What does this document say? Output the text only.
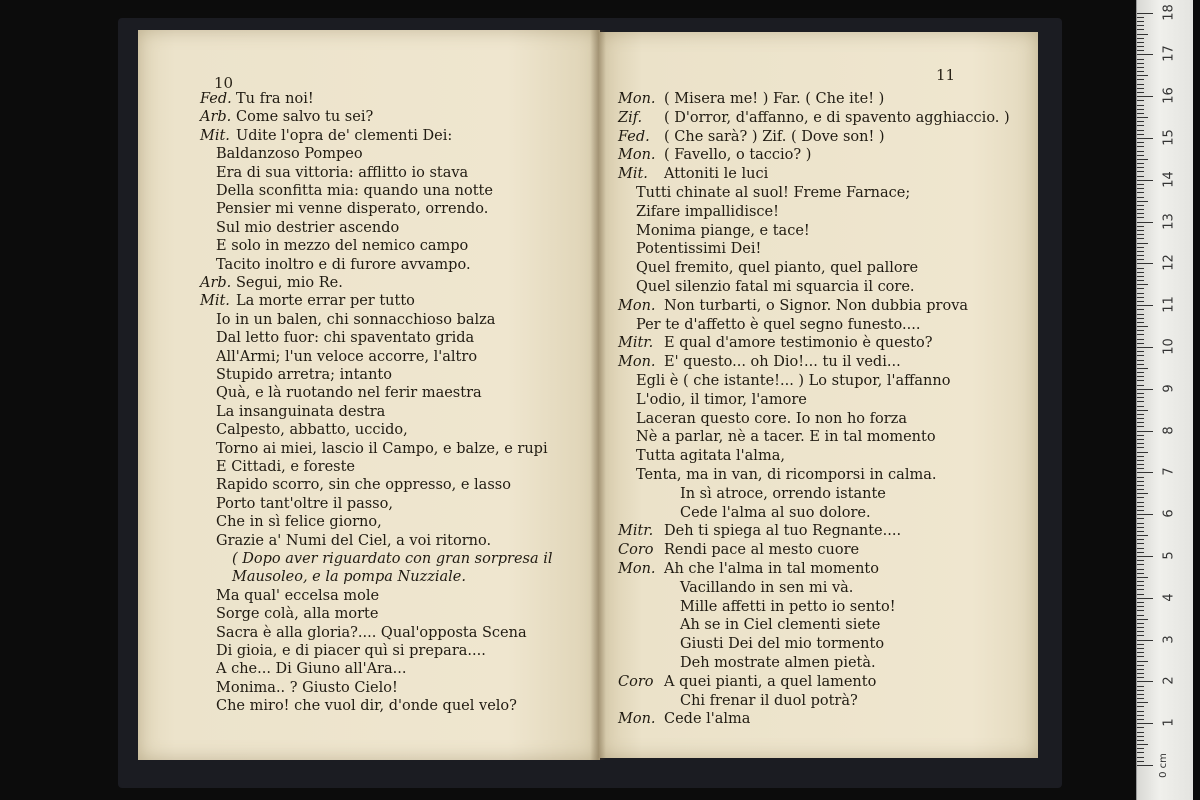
10
Fed. Tu fra noi!
Arb. Come salvo tu sei?
Mit. Udite l'opra de' clementi Dei:
Baldanzoso Pompeo
Era di sua vittoria: afflitto io stava
Della sconfitta mia: quando una notte
Pensier mi venne disperato, orrendo.
Sul mio destrier ascendo
E solo in mezzo del nemico campo
Tacito inoltro e di furore avvampo.
Arb. Segui, mio Re.
Mit. La morte errar per tutto
Io in un balen, chi sonnacchioso balza
Dal letto fuor: chi spaventato grida
All'Armi; l'un veloce accorre, l'altro
Stupido arretra; intanto
Quà, e là ruotando nel ferir maestra
La insanguinata destra
Calpesto, abbatto, uccido,
Torno ai miei, lascio il Campo, e balze, e rupi
E Cittadi, e foreste
Rapido scorro, sin che oppresso, e lasso
Porto tant'oltre il passo,
Che in sì felice giorno,
Grazie a' Numi del Ciel, a voi ritorno.
( Dopo aver riguardato con gran sorpresa il
Mausoleo, e la pompa Nuzziale.
Ma qual' eccelsa mole
Sorge colà, alla morte
Sacra è alla gloria?.... Qual'opposta Scena
Di gioia, e di piacer quì si prepara....
A che... Di Giuno all'Ara...
Monima.. ? Giusto Cielo!
Che miro! che vuol dir, d'onde quel velo?
11
Mon. ( Misera me! ) Far. ( Che ite! )
Zif. ( D'orror, d'affanno, e di spavento agghiaccio. )
Fed. ( Che sarà? ) Zif. ( Dove son! )
Mon. ( Favello, o taccio? )
Mit. Attoniti le luci
Tutti chinate al suol! Freme Farnace;
Zifare impallidisce!
Monima piange, e tace!
Potentissimi Dei!
Quel fremito, quel pianto, quel pallore
Quel silenzio fatal mi squarcia il core.
Mon. Non turbarti, o Signor. Non dubbia prova
Per te d'affetto è quel segno funesto....
Mitr. E qual d'amore testimonio è questo?
Mon. E' questo... oh Dio!... tu il vedi...
Egli è ( che istante!... ) Lo stupor, l'affanno
L'odio, il timor, l'amore
Laceran questo core. Io non ho forza
Nè a parlar, nè a tacer. E in tal momento
Tutta agitata l'alma,
Tenta, ma in van, di ricomporsi in calma.
In sì atroce, orrendo istante
Cede l'alma al suo dolore.
Mitr. Deh ti spiega al tuo Regnante....
Coro Rendi pace al mesto cuore
Mon. Ah che l'alma in tal momento
Vacillando in sen mi và.
Mille affetti in petto io sento!
Ah se in Ciel clementi siete
Giusti Dei del mio tormento
Deh mostrate almen pietà.
Coro A quei pianti, a quel lamento
Chi frenar il duol potrà?
Mon. Cede l'alma
0 cm
1
2
3
4
5
6
7
8
9
10
11
12
13
14
15
16
17
18
